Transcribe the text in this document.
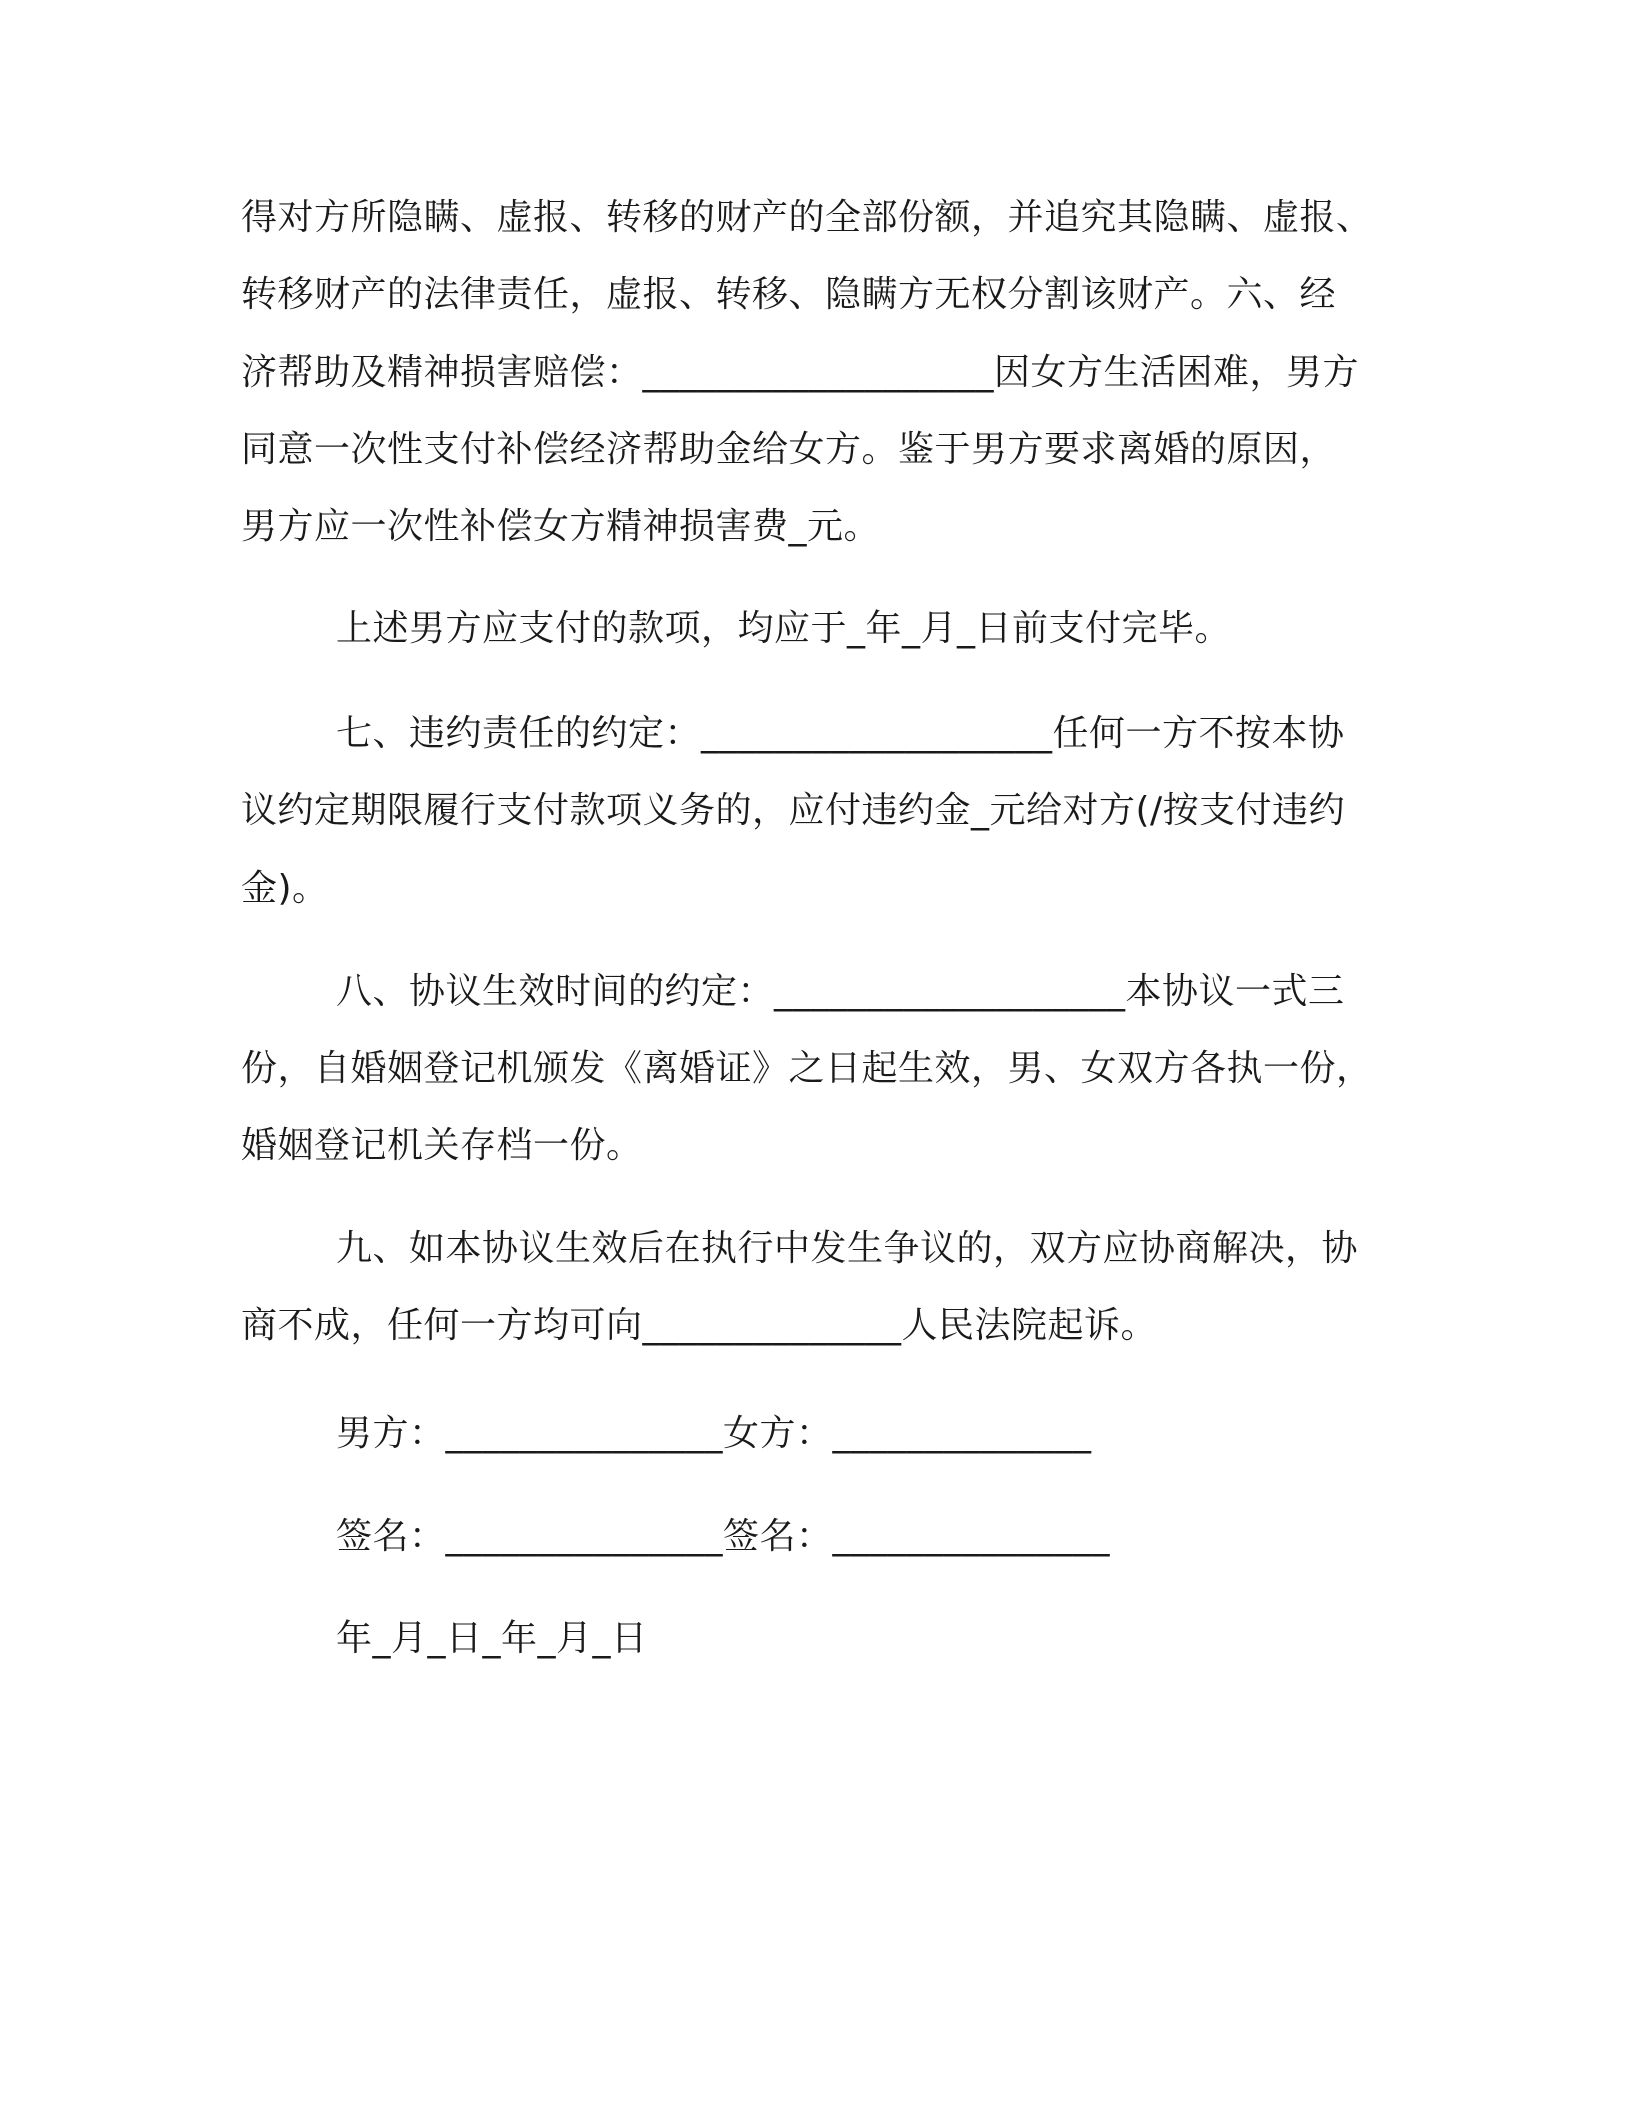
得对方所隐瞒、虚报、转移的财产的全部份额，并追究其隐瞒、虚报、
转移财产的法律责任，虚报、转移、隐瞒方无权分割该财产。六、经
济帮助及精神损害赔偿：___________________因女方生活困难，男方
同意一次性支付补偿经济帮助金给女方。鉴于男方要求离婚的原因，
男方应一次性补偿女方精神损害费_元。
上述男方应支付的款项，均应于_年_月_日前支付完毕。
七、违约责任的约定：___________________任何一方不按本协
议约定期限履行支付款项义务的，应付违约金_元给对方(/按支付违约
金)。
八、协议生效时间的约定：___________________本协议一式三
份，自婚姻登记机颁发《离婚证》之日起生效，男、女双方各执一份，
婚姻登记机关存档一份。
九、如本协议生效后在执行中发生争议的，双方应协商解决，协
商不成，任何一方均可向______________人民法院起诉。
男方：_______________女方：______________
签名：_______________签名：_______________
年_月_日_年_月_日
